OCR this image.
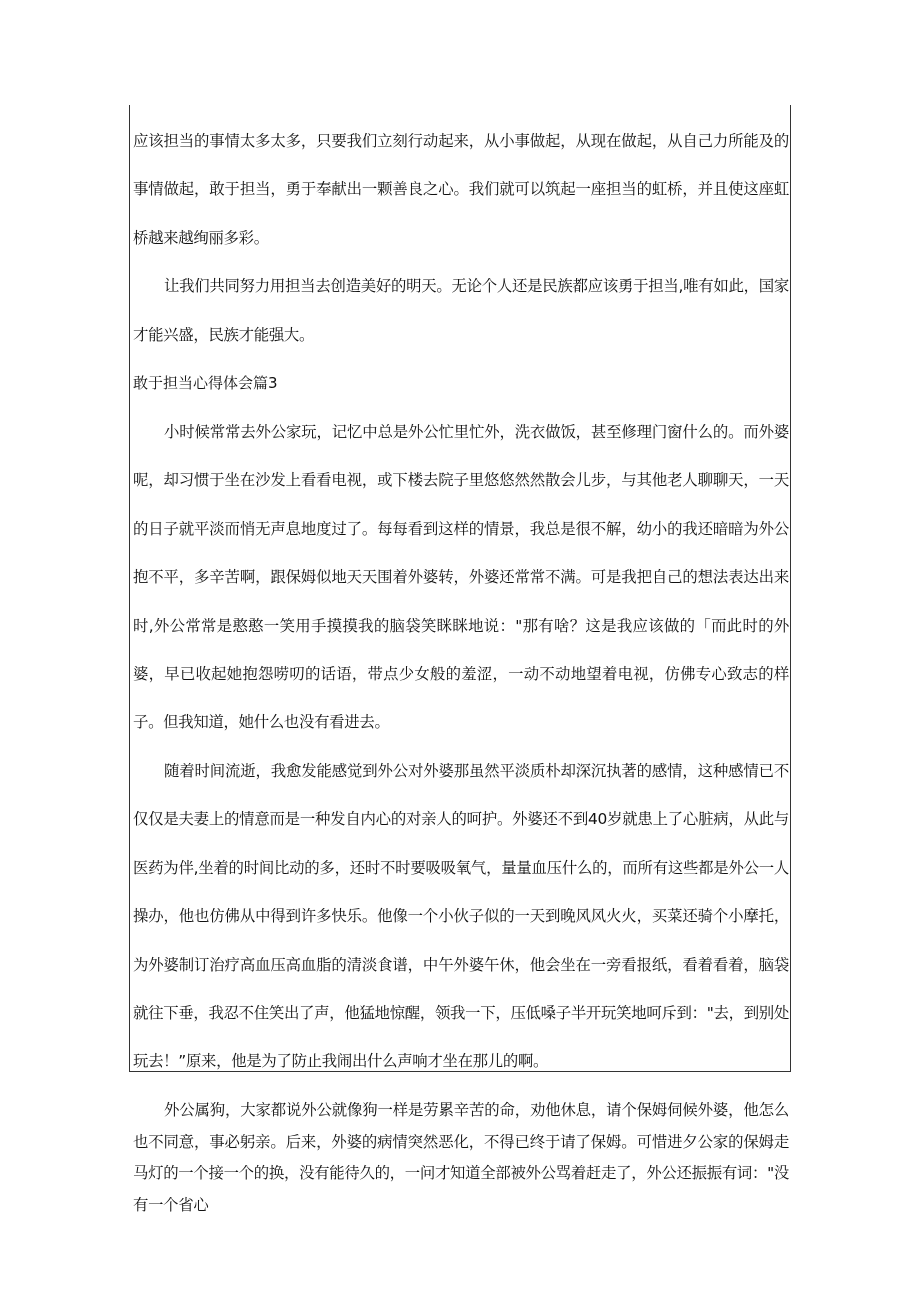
应该担当的事情太多太多，只要我们立刻行动起来，从小事做起，从现在做起，从自己力所能及的事情做起，敢于担当，勇于奉献出一颗善良之心。我们就可以筑起一座担当的虹桥，并且使这座虹桥越来越绚丽多彩。

让我们共同努力用担当去创造美好的明天。无论个人还是民族都应该勇于担当,唯有如此，国家才能兴盛，民族才能强大。

敢于担当心得体会篇3

小时候常常去外公家玩，记忆中总是外公忙里忙外，洗衣做饭，甚至修理门窗什么的。而外婆呢，却习惯于坐在沙发上看看电视，或下楼去院子里悠悠然然散会儿步，与其他老人聊聊天，一天的日子就平淡而悄无声息地度过了。每每看到这样的情景，我总是很不解，幼小的我还暗暗为外公抱不平，多辛苦啊，跟保姆似地天天围着外婆转，外婆还常常不满。可是我把自己的想法表达出来时,外公常常是憨憨一笑用手摸摸我的脑袋笑眯眯地说："那有啥？这是我应该做的「而此时的外婆，早已收起她抱怨唠叨的话语，带点少女般的羞涩，一动不动地望着电视，仿佛专心致志的样子。但我知道，她什么也没有看进去。

随着时间流逝，我愈发能感觉到外公对外婆那虽然平淡质朴却深沉执著的感情，这种感情已不仅仅是夫妻上的情意而是一种发自内心的对亲人的呵护。外婆还不到40岁就患上了心脏病，从此与医药为伴,坐着的时间比动的多，还时不时要吸吸氧气，量量血压什么的，而所有这些都是外公一人操办，他也仿佛从中得到许多快乐。他像一个小伙子似的一天到晚风风火火，买菜还骑个小摩托，为外婆制订治疗高血压高血脂的清淡食谱，中午外婆午休，他会坐在一旁看报纸，看着看着，脑袋就往下垂，我忍不住笑出了声，他猛地惊醒，领我一下，压低嗓子半开玩笑地呵斥到："去，到别处玩去！”原来，他是为了防止我闹出什么声响才坐在那儿的啊。

外公属狗，大家都说外公就像狗一样是劳累辛苦的命，劝他休息，请个保姆伺候外婆，他怎么也不同意，事必躬亲。后来，外婆的病情突然恶化，不得已终于请了保姆。可惜进夕公家的保姆走马灯的一个接一个的换，没有能待久的，一问才知道全部被外公骂着赶走了，外公还振振有词："没有一个省心
